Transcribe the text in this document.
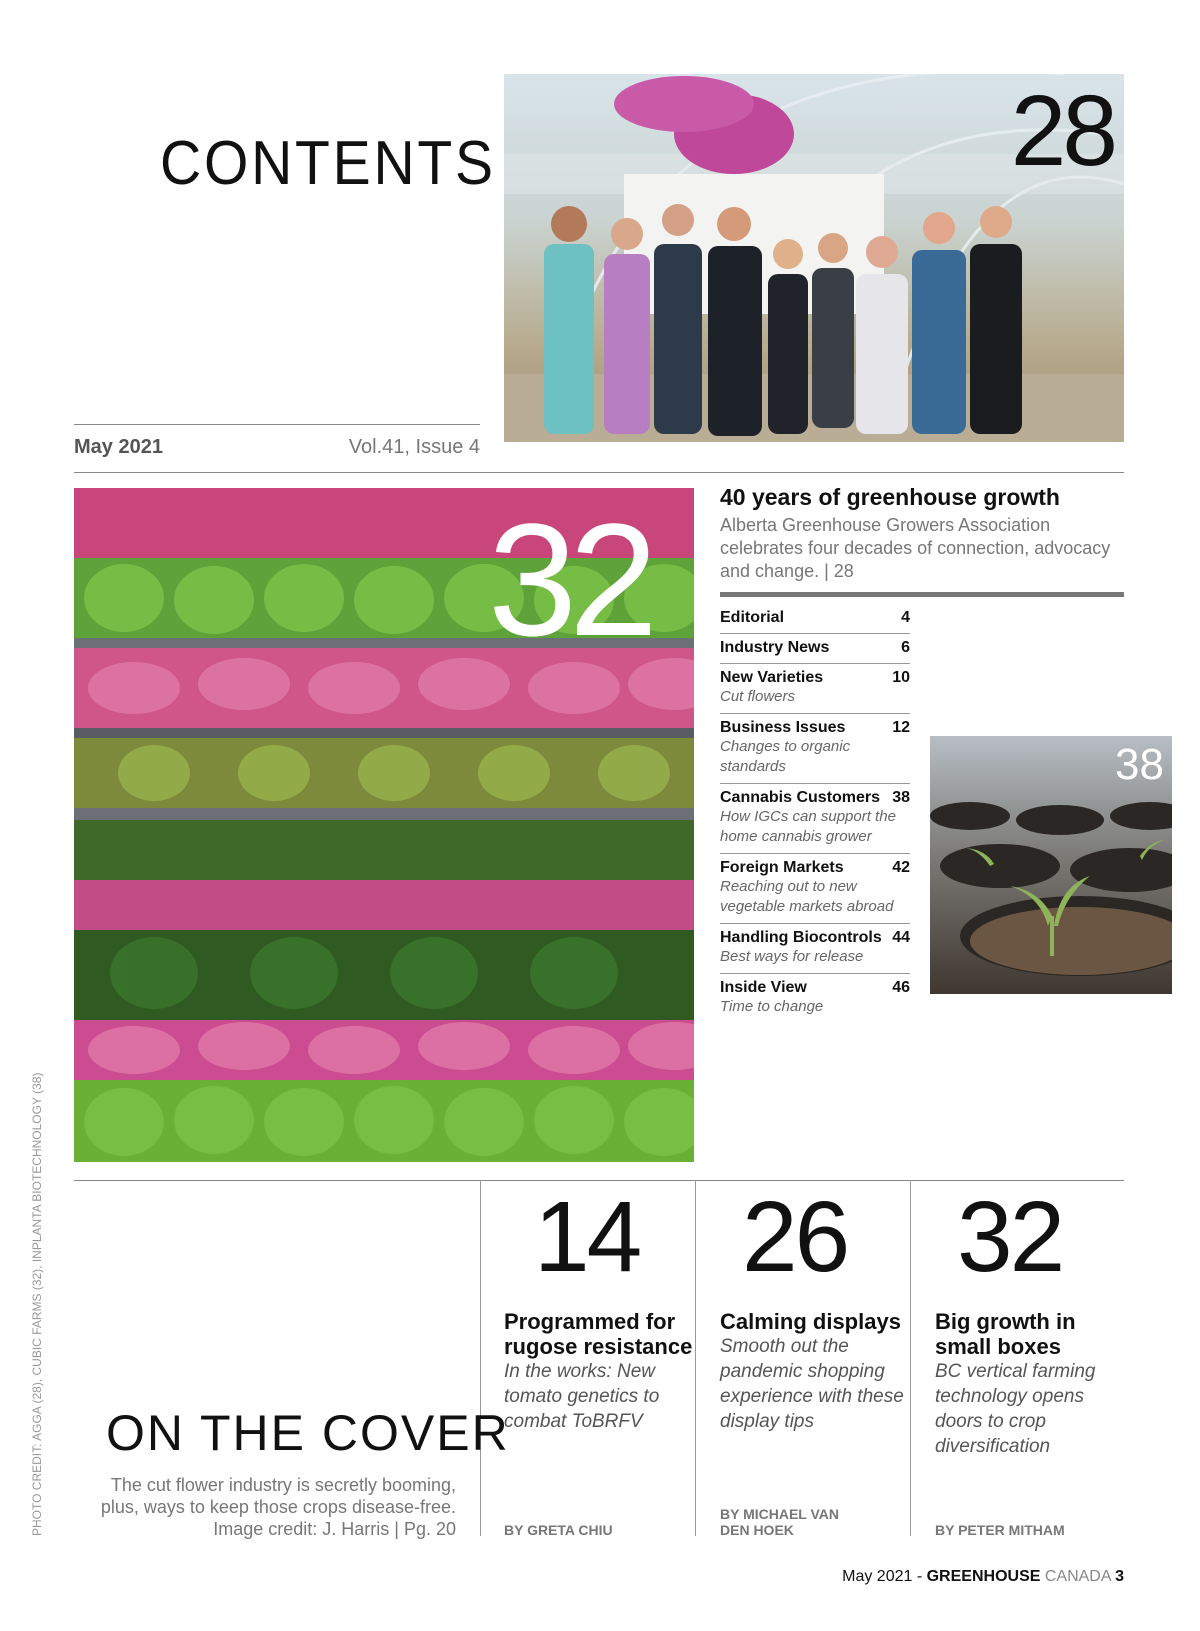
CONTENTS	28
May 2021	Vol.41, Issue 4
32	40 years of greenhouse growth
Alberta Greenhouse Growers Association celebrates four decades of connection, advocacy and change. | 28
Editorial	4
Industry News	6
New Varieties	10
Cut flowers
Business Issues	12
Changes to organic standards
Cannabis Customers 38
How IGCs can support the home cannabis grower
Foreign Markets	42
Reaching out to new vegetable markets abroad
Handling Biocontrols 44
Best ways for release
Inside View	46
Time to change
38
14
Programmed for rugose resistance
In the works: New tomato genetics to combat ToBRFV
BY GRETA CHIU
26
Calming displays
Smooth out the pandemic shopping experience with these display tips
BY MICHAEL VAN DEN HOEK
32
Big growth in small boxes
BC vertical farming technology opens doors to crop diversification
BY PETER MITHAM
ON THE COVER
The cut flower industry is secretly booming, plus, ways to keep those crops disease-free.
Image credit: J. Harris | Pg. 20
PHOTO CREDIT: AGGA (28), CUBIC FARMS (32), INPLANTA BIOTECHNOLOGY (38)
May 2021 - GREENHOUSE CANADA 3
